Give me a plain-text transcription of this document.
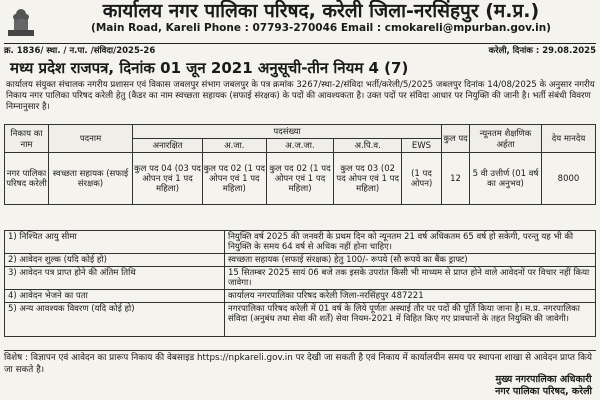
कार्यालय नगर पालिका परिषद, करेली जिला-नरसिंहपुर (म.प्र.)
(Main Road, Kareli Phone : 07793-270046 Email : cmokareli@mpurban.gov.in)
क्र. 1836/ स्था. / न.पा. /संविदा/2025-26	करेली, दिनांक : 29.08.2025
मध्य प्रदेश राजपत्र, दिनांक 01 जून 2021 अनुसूची-तीन नियम 4 (7)
कार्यालय संयुक्त संचालक नगरीय प्रशासन एवं विकास जबलपुर संभाग जबलपुर के पत्र क्रमांक 3267/स्था-2/संविदा भर्ती/करेली/5/2025 जबलपुर दिनांक 14/08/2025 के अनुसार नगरीय निकाय नगर पालिका परिषद करेली हेतु (कैडर का नाम स्वच्छता सहायक (सफाई संरक्षक) के पदों की आवश्यकता है। उक्त पदों पर संविदा आधार पर नियुक्ति की जानी है। भर्ती संबंधी विवरण निम्नानुसार है।
निकाय का नाम	पदनाम	पदसंख्या					कुल पद	न्यूनतम शैक्षणिक अर्हता	देय मानदेय
		अनारक्षित	अ.जा.	अ.ज.जा.	अ.पि.व.	EWS			
नगर पालिका परिषद करेली	स्वच्छता सहायक (सफाई संरक्षक)	कुल पद 04 (03 पद ओपन एवं 1 पद महिला)	कुल पद 02 (1 पद ओपन एवं 1 पद महिला)	कुल पद 02 (1 पद ओपन एवं 1 पद महिला)	कुल पद 03 (02 पद ओपन एवं 1 पद महिला)	(1 पद ओपन)	12	5 वी उत्तीर्ण (01 वर्ष का अनुभव)	8000
1) निश्चित आयु सीमा	नियुक्ति वर्ष 2025 की जनवरी के प्रथम दिन को न्यूनतम 21 वर्ष अधिकतम 65 वर्ष हो सकेगी, परन्तु यह भी की नियुक्ति के समय 64 वर्ष से अधिक नहीं होना चाहिए।
2) आवेदन शुल्क (यदि कोई हो)	स्वच्छता सहायक (सफाई संरक्षक) हेतु 100/- रूपये (सौ रूपये का बैंक ड्राफ्ट)
3) आवेदन पत्र प्राप्त होने की अंतिम तिथि	15 सितम्बर 2025 सायं 06 बजे तक इसके उपरांत किसी भी माध्यम से प्राप्त होने वाले आवेदनों पर विचार नहीं किया जावेगा।
4) आवेदन भेजने का पता	कार्यालय नगरपालिका परिषद करेली जिला-नरसिंहपुर 487221
5) अन्य आवश्यक विवरण (यदि कोई हो)	नगरपालिका परिषद करेली में 01 वर्ष के लिये पूर्णतः अस्थाई तौर पर पदों की पूर्ति किया जाना है। म.प्र. नगरपालिका संविदा (अनुबंध तथा सेवा की शर्तें) सेवा नियम-2021 में विहित किए गए प्रावधानों के तहत नियुक्ति की जावेगी।
विशेष : विज्ञापन एवं आवेदन का प्रारूप निकाय की वेबसाइड https://npkareli.gov.in पर देखी जा सकती है एवं निकाय में कार्यालयीन समय पर स्थापना शाखा से आवेदन प्राप्त किये जा सकते है।
मुख्य नगरपालिका अधिकारी
नगर पालिका परिषद, करेली
